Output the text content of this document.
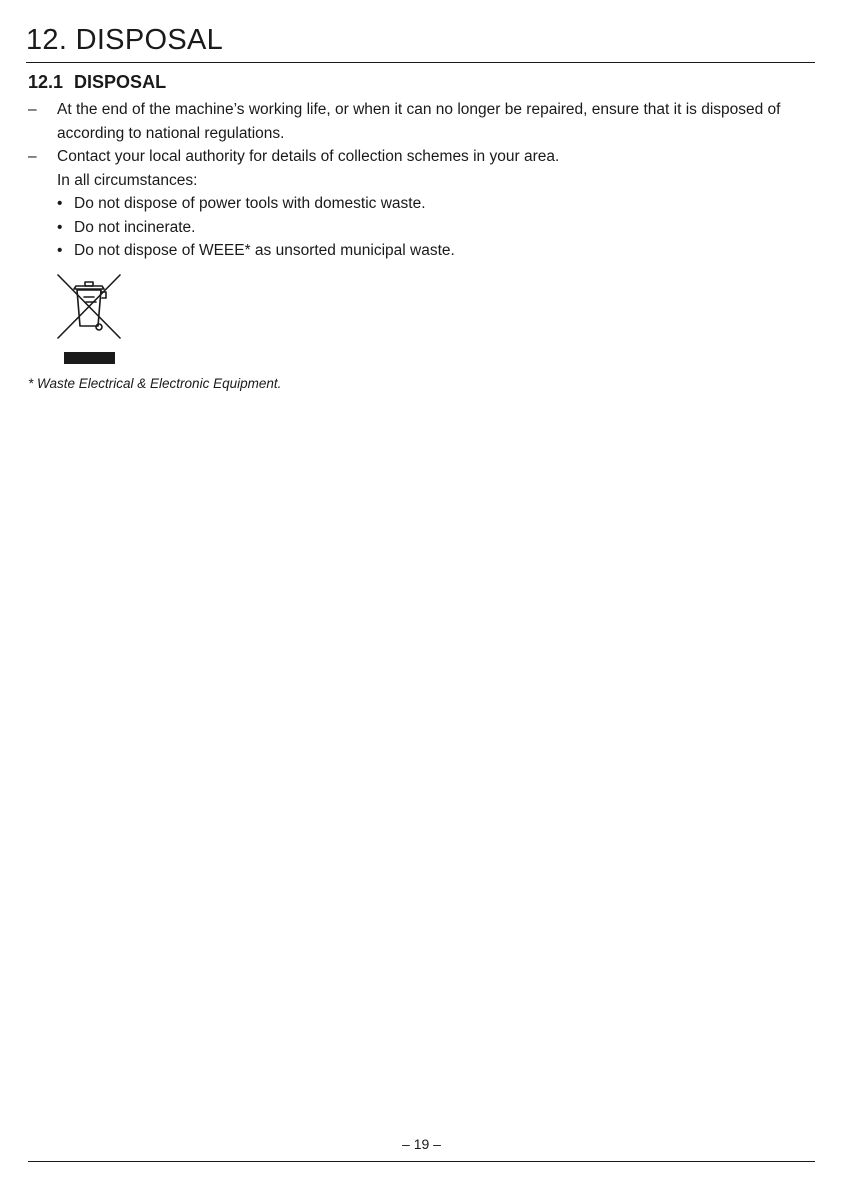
12. DISPOSAL
12.1 DISPOSAL
– At the end of the machine’s working life, or when it can no longer be repaired, ensure that it is disposed of according to national regulations.
– Contact your local authority for details of collection schemes in your area.
In all circumstances:
• Do not dispose of power tools with domestic waste.
• Do not incinerate.
• Do not dispose of WEEE* as unsorted municipal waste.
* Waste Electrical & Electronic Equipment.
– 19 –
